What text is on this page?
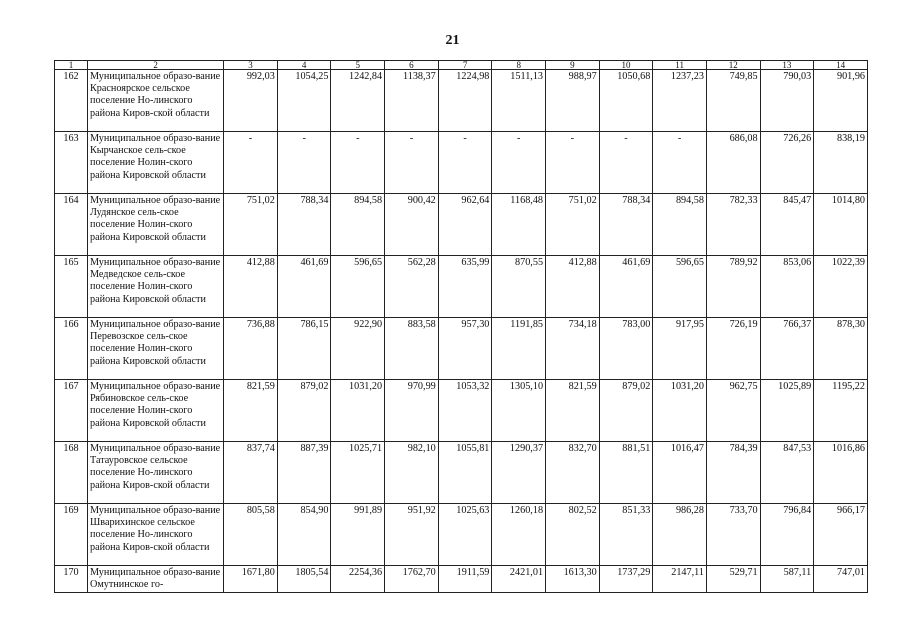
21
1	2	3	4	5	6	7	8	9	10	11	12	13	14
162	Муниципальное образо-вание Красноярское сельское поселение Но-линского района Киров-ской области	992,03	1054,25	1242,84	1138,37	1224,98	1511,13	988,97	1050,68	1237,23	749,85	790,03	901,96
163	Муниципальное образо-вание Кырчанское сель-ское поселение Нолин-ского района Кировской области	-	-	-	-	-	-	-	-	-	686,08	726,26	838,19
164	Муниципальное образо-вание Лудянское сель-ское поселение Нолин-ского района Кировской области	751,02	788,34	894,58	900,42	962,64	1168,48	751,02	788,34	894,58	782,33	845,47	1014,80
165	Муниципальное образо-вание Медведское сель-ское поселение Нолин-ского района Кировской области	412,88	461,69	596,65	562,28	635,99	870,55	412,88	461,69	596,65	789,92	853,06	1022,39
166	Муниципальное образо-вание Перевозское сель-ское поселение Нолин-ского района Кировской области	736,88	786,15	922,90	883,58	957,30	1191,85	734,18	783,00	917,95	726,19	766,37	878,30
167	Муниципальное образо-вание Рябиновское сель-ское поселение Нолин-ского района Кировской области	821,59	879,02	1031,20	970,99	1053,32	1305,10	821,59	879,02	1031,20	962,75	1025,89	1195,22
168	Муниципальное образо-вание Татауровское сельское поселение Но-линского района Киров-ской области	837,74	887,39	1025,71	982,10	1055,81	1290,37	832,70	881,51	1016,47	784,39	847,53	1016,86
169	Муниципальное образо-вание Шварихинское сельское поселение Но-линского района Киров-ской области	805,58	854,90	991,89	951,92	1025,63	1260,18	802,52	851,33	986,28	733,70	796,84	966,17
170	Муниципальное образо-вание Омутнинское го-	1671,80	1805,54	2254,36	1762,70	1911,59	2421,01	1613,30	1737,29	2147,11	529,71	587,11	747,01
